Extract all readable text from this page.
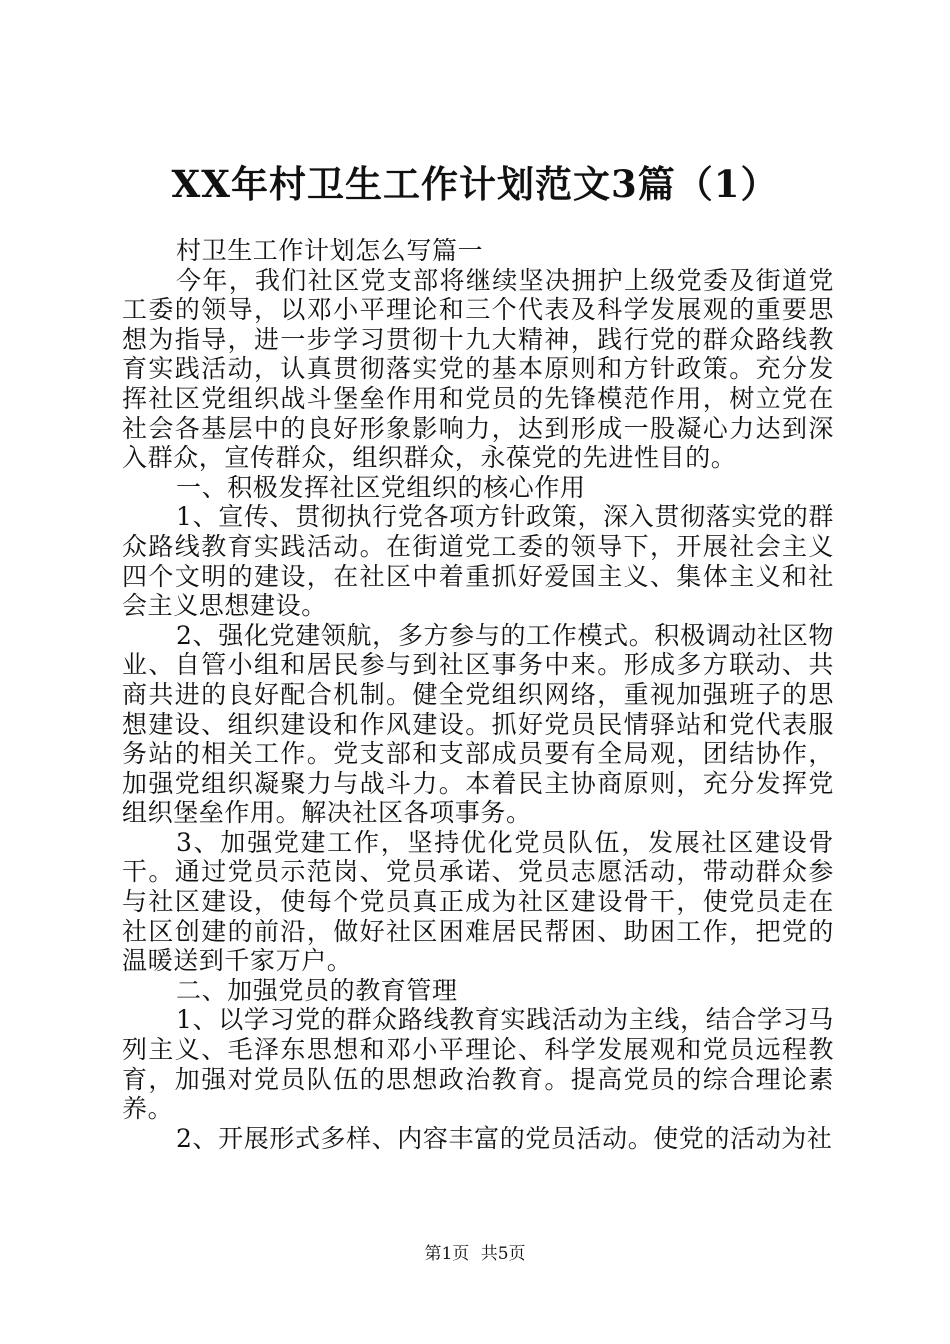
XX年村卫生工作计划范文3篇（1）

村卫生工作计划怎么写篇一

今年，我们社区党支部将继续坚决拥护上级党委及街道党工委的领导，以邓小平理论和三个代表及科学发展观的重要思想为指导，进一步学习贯彻十九大精神，践行党的群众路线教育实践活动，认真贯彻落实党的基本原则和方针政策。充分发挥社区党组织战斗堡垒作用和党员的先锋模范作用，树立党在社会各基层中的良好形象影响力，达到形成一股凝心力达到深入群众，宣传群众，组织群众，永葆党的先进性目的。

一、积极发挥社区党组织的核心作用

1、宣传、贯彻执行党各项方针政策，深入贯彻落实党的群众路线教育实践活动。在街道党工委的领导下，开展社会主义四个文明的建设，在社区中着重抓好爱国主义、集体主义和社会主义思想建设。

2、强化党建领航，多方参与的工作模式。积极调动社区物业、自管小组和居民参与到社区事务中来。形成多方联动、共商共进的良好配合机制。健全党组织网络，重视加强班子的思想建设、组织建设和作风建设。抓好党员民情驿站和党代表服务站的相关工作。党支部和支部成员要有全局观，团结协作，加强党组织凝聚力与战斗力。本着民主协商原则，充分发挥党组织堡垒作用。解决社区各项事务。

3、加强党建工作，坚持优化党员队伍，发展社区建设骨干。通过党员示范岗、党员承诺、党员志愿活动，带动群众参与社区建设，使每个党员真正成为社区建设骨干，使党员走在社区创建的前沿，做好社区困难居民帮困、助困工作，把党的温暖送到千家万户。

二、加强党员的教育管理

1、以学习党的群众路线教育实践活动为主线，结合学习马列主义、毛泽东思想和邓小平理论、科学发展观和党员远程教育，加强对党员队伍的思想政治教育。提高党员的综合理论素养。

2、开展形式多样、内容丰富的党员活动。使党的活动为社

第1页 共5页
